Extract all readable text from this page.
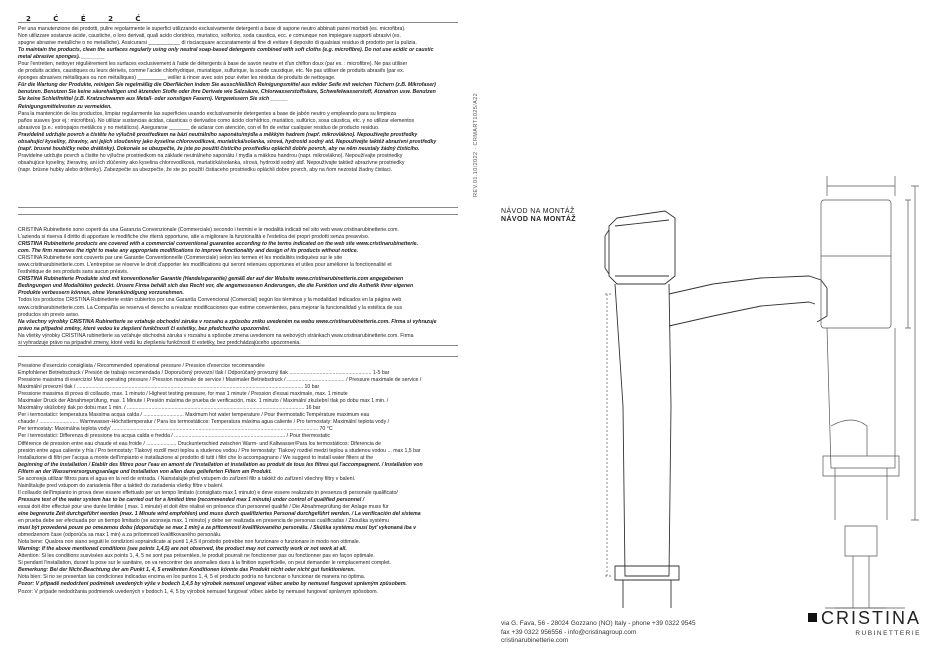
2 Ć É 2 Ć

Per una manutenzione dei prodotti, pulire regolarmente le superfici utilizzando esclusivamente detergenti a base di sapone neutro abbinati panni morbidi (es. microfibra).

Non utilizzare sostanze acide, caustiche, o loro derivati, quali acido cloridrico, muriatico, solforico, soda caustica, ecc. e comunque non impiegare supporti abrasivi (es.

spugne abrasive metalliche o no metalliche). Assicurarsi ___________ di risciacquare accuratamente al fine di evitare il deposito di qualsiasi residuo di prodotto per la pulizia.

To maintain the products, clean the surfaces regularly using only neutral soap-based detergents combined with soft cloths (e.g. microfibre). Do not use acidic or caustic

metal abrasive sponges). ________

Pour l'entretien, nettoyer régulièrement les surfaces exclusivement à l'aide de détergents à base de savon neutre et d'un chiffon doux (par ex. : microfibre). Ne pas utiliser

de produits acides, caustiques ou leurs dérivés, comme l'acide chlorhydrique, muriatique, sulfurique, la soude caustique, etc. Ne pas utiliser de produits abrasifs (par ex.

éponges abrasives métalliques ou non métalliques) __________ veiller à rincer avec soin pour éviter les résidus de produits de nettoyage.

Für die Wartung der Produkte, reinigen Sie regelmäßig die Oberflächen indem Sie ausschließlich Reinigungsmittel aus milder Seife mit weichen Tüchern (z.B. Mikrofaser)

benutzen. Benutzen Sie keine säurehaltigen und ätzenden Stoffe oder ihre Derivate wie Salzsäure, Chlorwasserstoffsäure, Schwefelwasserstoff, Ätznatron usw. Benutzen

Sie keine Schleifmittel (z.B. Kratzschwamm aus Metall- oder sonstigen Fasern). Vergewissern Sie sich ______

Reinigungsmittelresten zu vermeiden.

Para la mantención de los productos, limpiar regularmente las superficies usando exclusivamente detergentes a base de jabón neutro y empleando para su limpieza

paños suaves (por ej.: microfibra). No utilizar sustancias ácidas, cáusticas o derivados como ácido clorhídrico, muriático, sulfúrico, sosa cáustica, etc. y no utilizar elementos

abrasivos (p.e.: estropajos metálicos y no metálicos). Asegurarse _______ de aclarar con atención, con el fin de evitar cualquier residuo de producto residuo.

Pravidelně udržujte povrch a čistěte ho výlučně prostředkem na bázi neutrálního saponátu/mýdla a měkkým hadrem (např. mikrovlákno). Nepoužívejte prostředky

obsahující kyseliny, žíraviny, ani jejich sloučeniny jako kyselina chlorovodíková, muriatická/solanka, sírová, hydroxid sodný atd. Nepoužívejte taktéž abrazivní prostředky

(např. brusné houbičky nebo drátěnky). Dokonale se ubezpečte, že jste po použití čisticího prostředku opláchli dobře povrch, aby na něm neustaly žádný čisticího.

Pravidelne udržujte povrch a čistite ho výlučne prostriedkom na základe neutrálneho saponátu / mydla a mäkkou handrou (napr. mikrovlákno). Nepoužívajte prostriedky

obsahujúce kyseliny, žieraviny, ani ich zlúčeniny ako kyselina chlorovodíková, muriatická/solanka, sírová, hydroxid sodný atď. Nepoužívajte taktiež abrazívne prostriedky

(napr. brúsne hubky alebo drôtenky). Zabezpečte sa ubezpečte, že ste po použití čistiaceho prostriedku opláchli dobre povrch, aby na ňom nezostal žiadny čistiaci.	REV.01.10/2022 · CRMART1025/A22

CRISTINA Rubinetterie sono coperti da una Garanzia Convenzionale (Commerciale) secondo i termini e le modalità indicati nel sito web www.cristinarubinetterie.com.

L'azienda si riserva il diritto di apportare le modifiche che riterrà opportune, atte a migliorare la funzionalità e l'estetica dei propri prodotti senza preavviso.

CRISTINA Rubinetterie products are covered with a commercial conventional guarantee according to the terms indicated on the web site www.cristinarubinetterie.

com. The firm reserves the right to make any appropriate modifications to improve functionality and design of its products without notice.

CRISTINA Rubinetterie sont couverts par une Garantie Conventionnelle (Commerciale) selon les termes et les modalités indiquées sur le site

www.cristinarubinetterie.com. L'entreprise se réserve le droit d'apporter les modifications qui seront retenues opportunes et utiles pour améliorer la fonctionnalité et

l'esthétique de ses produits sans aucun préavis.

CRISTINA Rubinetterie Produkte sind mit konventioneller Garantie (Handelsgarantie) gemäß der auf der Website www.cristinarubinetterie.com angegebenen

Bedingungen und Modalitäten gedeckt. Unsere Firma behält sich das Recht vor, die angemessenen Änderungen, die die Funktion und die Ästhetik ihrer eigenen

Produkte verbessern können, ohne Vorankündigung vorzunehmen.

Todos los productos CRISTINA Rubinetterie están cubiertos por una Garantía Convencional (Comercial) según los términos y la modalidad indicados en la página web

www.cristinarubinetterie.com. La Compañía se reserva el derecho a realizar modificaciones que estime convenientes, para mejorar la funcionalidad y la estética de sus

productos sin previo aviso.

Na všechny výrobky CRISTINA Rubinetterie se vztahuje obchodní záruka v rozsahu a způsobu zniku uvedeném na webu www.cristinarubinetterie.com. Firma si vyhrazuje

právo na případné změny, které vedou ke zlepšení funkčnosti či estetiky, bez předchozího upozornění.

Na všetky výrobky CRISTINA rubinetterie sa vzťahuje obchodná záruka v rozsahu a spôsobe zmena uvedenom na webových stránkach www.cristinarubinetterie.com. Firma

si vyhradzuje právo na prípadné zmeny, ktoré vedú ku zlepšeniu funkčnosti či estetiky, bez predchádzajúceho upozornenia.

Pressione d'esercizio consigliata / Recommended operational pressure / Pression d'exercice recommandée

Empfohlener Betriebsdruck / Presión de trabajo recomendada / Doporučený provozní tlak / Odporúčaný provozný tlak ......................................................... 1-5 bar

Pressione massima di esercizio/ Max operating pressure / Pression maximale de service / Maximaler Betriebsdruck / ........................................ / Pressure maximale de service /

Maximální provozní tlak / ............................................................................................................................................................. 10 bar

Pressione massima di prova di collaudo, max. 1 minuto / Highest testing pressure, for max 1 minute / Pression d'essai maximale, max. 1 minute

Maximaler Druck der Abnahmeprüfung, max. 1 Minute / Presión máxima de prueba de verificación, máx. 1 minuto / Maximální zkušební tlak po dobu max 1 min. /

Maximálny skúšobný tlak po dobu max 1 min. / ........................................................................................................................... 16 bar

Per i termostatici: temperatura Massima acqua calda / ............................ Maximum hot water temperature / Pour thermostatic Température maximum eau

chaude / ........................... Warmwasser-Höchsttemperatur / Para los termostáticos: Temperatura máxima agua caliente / Pro termostaty: Maximální teplota vody /

Per termostaty: Maximálna teplota vody/ ............................................................................................................................................... 70 °C

Per i termostatici: Differenza di pressione tra acqua calda e fredda / ............................................................................. / Pour thermostatic

Différence de pression entre eau chaude et eau froide / ..................... Druckunterschied zwischen Warm- und Kaltwasser/Para los termostáticos: Diferencia de

presión entre agua caliente y fría / Pro termostaty: Tlakový rozdíl mezi teplou a studenou vodou / Pre termostaty: Tlakový rozdiel medzi teplou a studenou vodou ... max 1,5 bar

Installazione di filtri per l'acqua a monte dell'impianto e installazione al prodotto di tutti i filtri che lo accompagnano / We suggest to install water filters at the

beginning of the installation / Établir des filtres pour l'eau en amont de l'installation et installation au produit de tous les filtres qui l'accompagnent. / Installation von

Filtern an der Wasserversorgungsanlage und Installation von allen dazu gelieferten Filtern am Produkt.

Se aconseja utilizar filtros para el agua en la red de entrada. / Nainstalujte před vstupem do zařízení filtr a taktéž do zařízení všechny filtry v balení.

Nainštalujte pred vstupom do zariadenia filter a taktiež do zariadenia všetky filtre v balení.

Il collaudo dell'impianto in prova deve essere effettuato per un tempo limitato (consigliato max 1 minuto) e deve essere realizzato in presenza di personale qualificato/

Pressure test of the water system has to be carried out for a limited time (recommended max 1 minute) under control of qualified personnel /

essai doit être effectué pour une durée limitée ( max. 1 minute) et doit être réalisé en présence d'un personnel qualifié / Die Abnahmeprüfung der Anlage muss für

eine begrenzte Zeit durchgeführt werden (max. 1 Minute wird empfohlen) und muss durch qualifiziertes Personal durchgeführt werden. / La verificación del sistema

en prueba debe ser efectuada por un tiempo limitado (se aconseja max. 1 minuto) y debe ser realizada en presencia de personas cualificadas / Zkouška systému

musí být provedená pouze po omezenou dobu (doporučuje se max 1 min) a za přítomnosti kvalifikovaného personálu. / Skúška systému musí byť vykonaná iba v

obmedzenom čase (odporúča sa max 1 min) a za prítomnosti kvalifikovaného personálu.

Nota bene: Qualora non siano seguiti le condizioni sopraindicate ai punti 1,4,5 il prodotto potrebbe non funzionare o funzionare in modo non ottimale.

Warning: If the above mentioned conditions (see points 1,4,5) are not observed, the product may not correctly work or not work at all.

Attention: Si les conditions susvisées aux points 1, 4, 5 ne sont pas présentées, le produit pourrait ne fonctionner pas ou fonctionner pas en façon optimale.

Si pendant l'installation, durant la pose sur le sanitaire, on va rencontrer des anomalies dues à la finition superficielle, on peut demander le remplacement complet.

Bemerkung: Bei der Nicht-Beachtung der am Punkt 1, 4, 5 erwähnten Konditionen könnte das Produkt nicht oder nicht gut funktionieren.

Nota bien: Si no se presentan las condiciones indicadas encima en los puntos 1, 4, 5 el producto podría no funcionar o funcionar de manera no óptima.

Pozor: V případě nedodržení podmínek uvedených výše v bodech 1,4,5 by výrobek nemusel ungovat vůbec anebo by nemusel fungovat správným způsobem.

Pozor: V prípade nedodržania podmienok uvedených v bodoch 1, 4, 5 by výrobok nemusel fungovať vôbec alebo by nemusel fungovať správnym spôsobom.

NÁVOD NA MONTÁŽ
NÁVOD NA MONTÁŽ
CRISTINA
RUBINETTERIE
via G. Fava, 56 - 28024 Gozzano (NO) Italy - phone +39 0322 9545
fax +39 0322 956556 - info@cristinagroup.com
cristinarubinetterie.com
